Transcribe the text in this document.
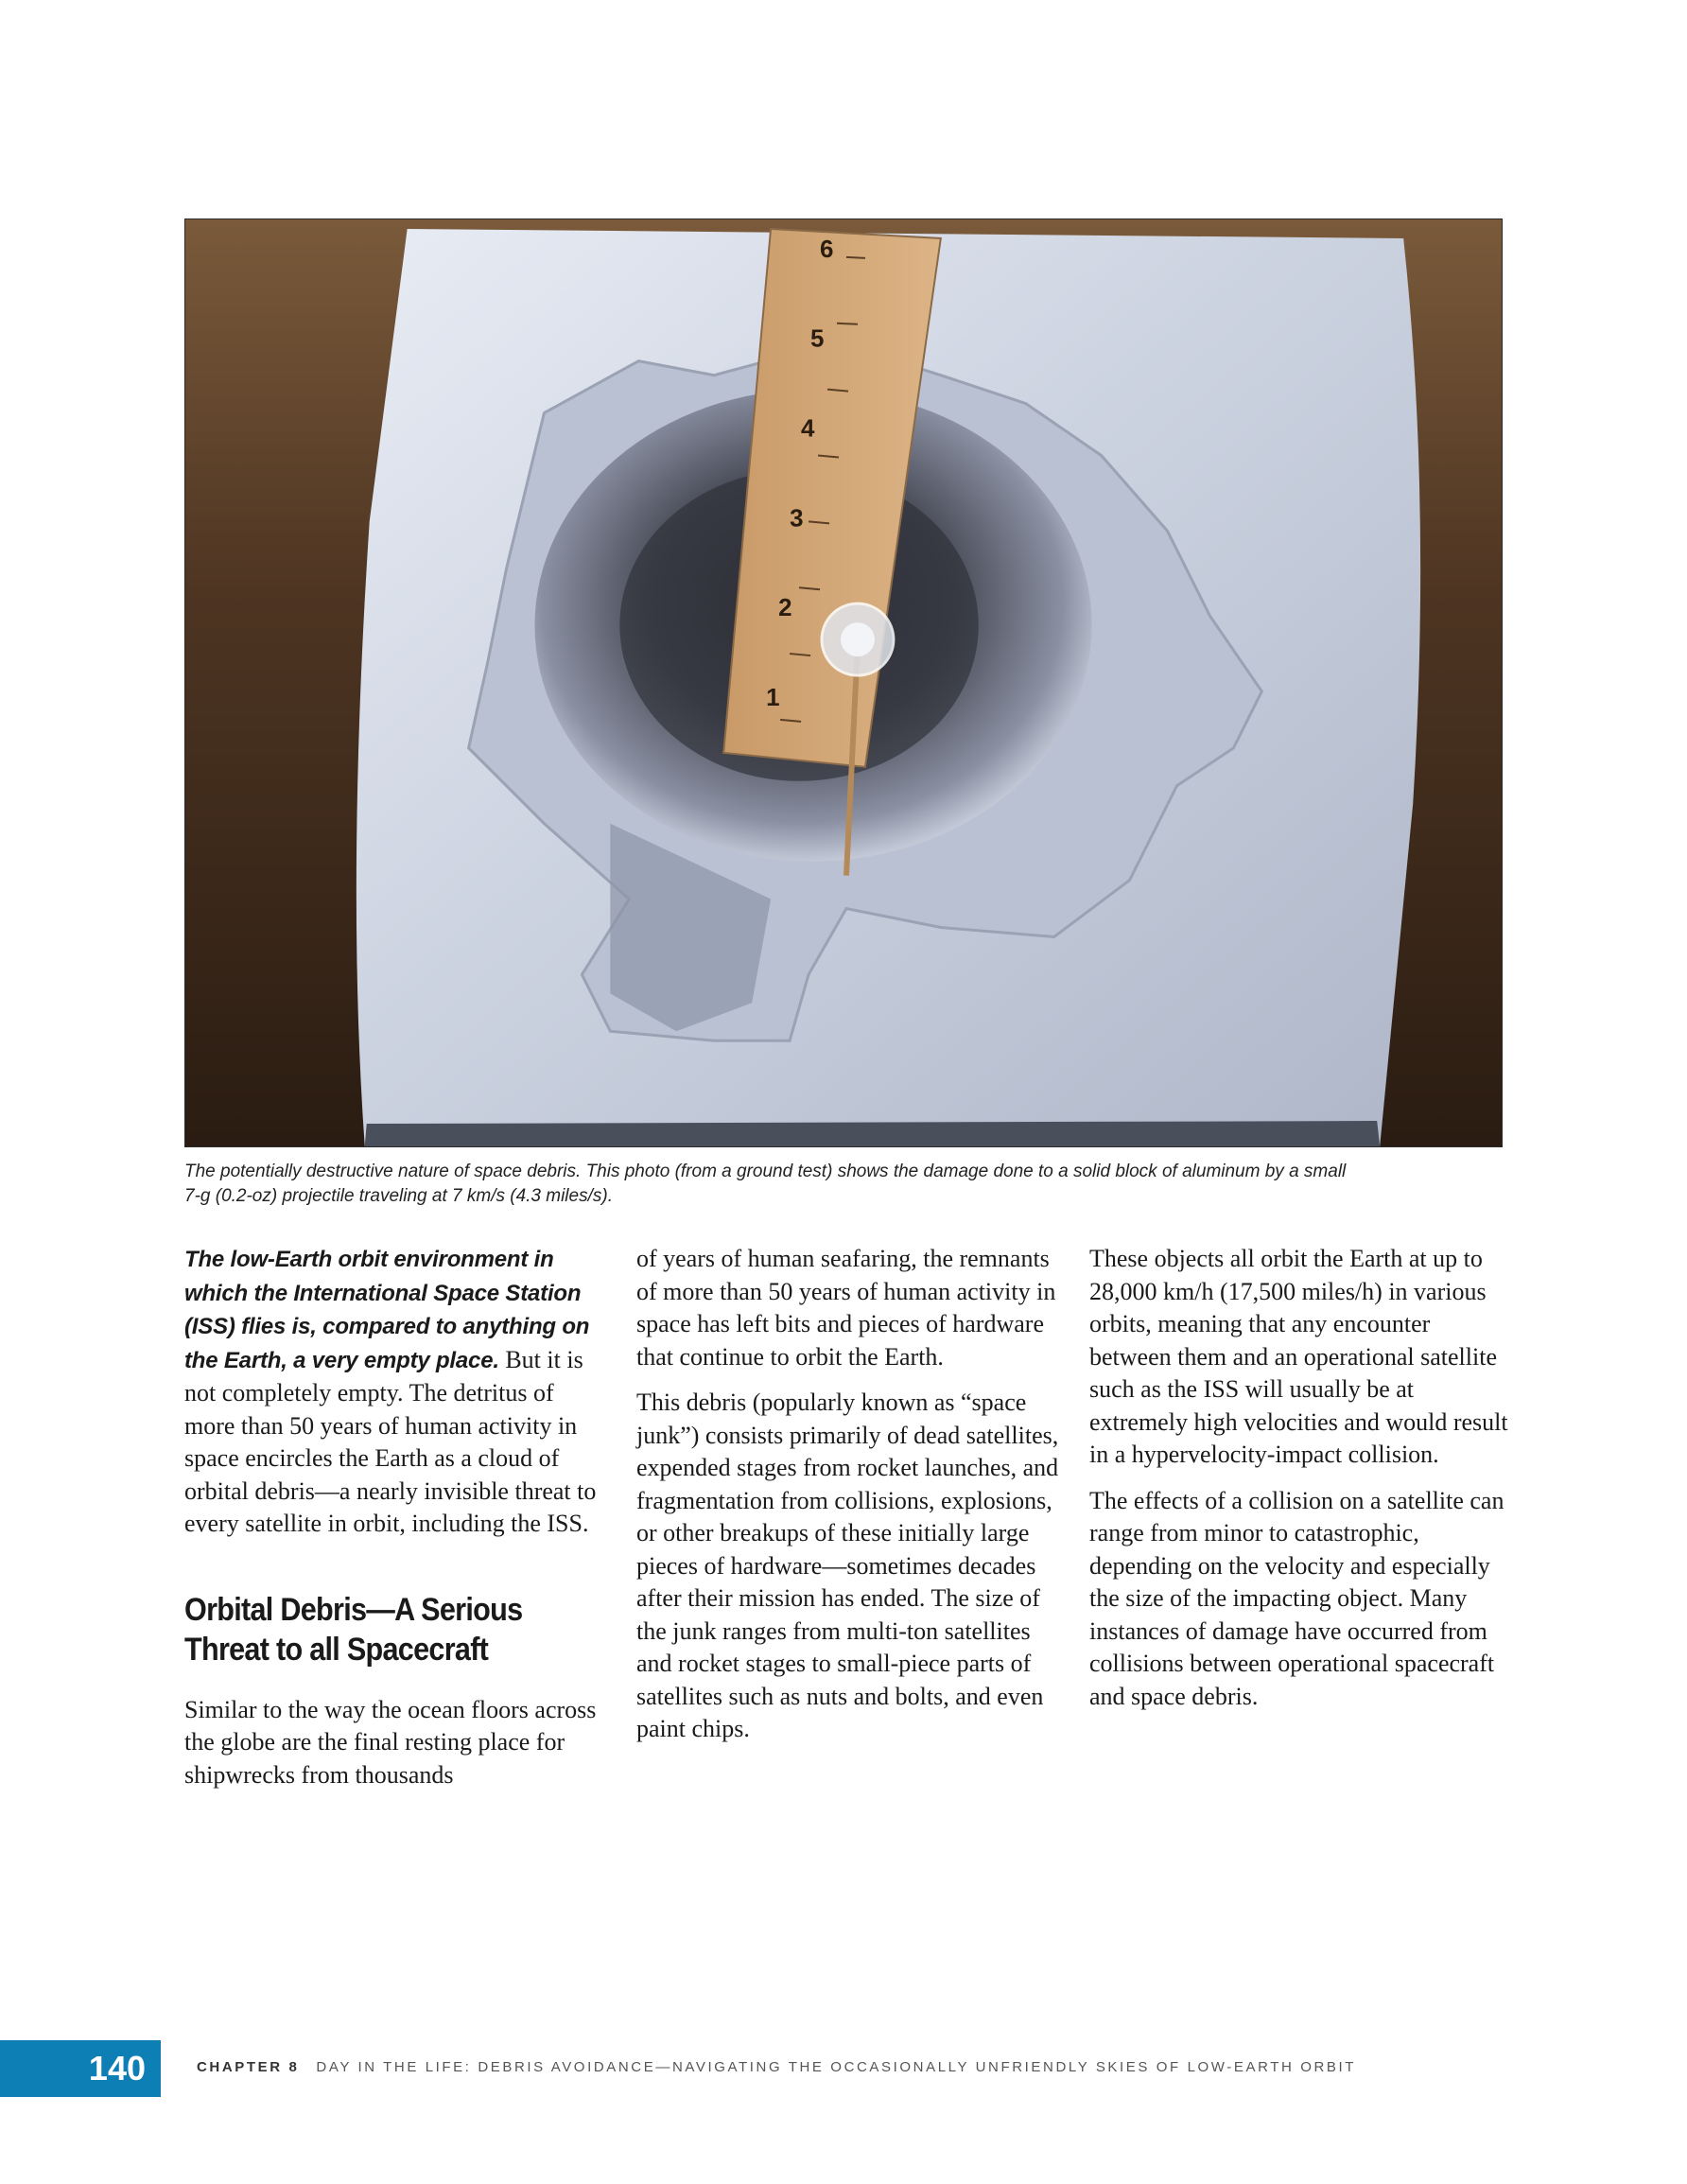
6
5
4
3
2
1
The potentially destructive nature of space debris. This photo (from a ground test) shows the damage done to a solid block of aluminum by a small
7-g (0.2-oz) projectile traveling at 7 km/s (4.3 miles/s).

The low-Earth orbit environment in which the International Space Station (ISS) flies is, compared to anything on the Earth, a very empty place. But it is not completely empty. The detritus of more than 50 years of human activity in space encircles the Earth as a cloud of orbital debris—a nearly invisible threat to every satellite in orbit, including the ISS.

Orbital Debris—A Serious Threat to all Spacecraft

Similar to the way the ocean floors across the globe are the final resting place for shipwrecks from thousands

of years of human seafaring, the remnants of more than 50 years of human activity in space has left bits and pieces of hardware that continue to orbit the Earth.

This debris (popularly known as “space junk”) consists primarily of dead satellites, expended stages from rocket launches, and fragmentation from collisions, explosions, or other breakups of these initially large pieces of hardware—sometimes decades after their mission has ended. The size of the junk ranges from multi-ton satellites and rocket stages to small-piece parts of satellites such as nuts and bolts, and even paint chips.

These objects all orbit the Earth at up to 28,000 km/h (17,500 miles/h) in various orbits, meaning that any encounter between them and an operational satellite such as the ISS will usually be at extremely high velocities and would result in a hypervelocity-impact collision.

The effects of a collision on a satellite can range from minor to catastrophic, depending on the velocity and especially the size of the impacting object. Many instances of damage have occurred from collisions between operational spacecraft and space debris.

140	CHAPTER 8 DAY IN THE LIFE: DEBRIS AVOIDANCE—NAVIGATING THE OCCASIONALLY UNFRIENDLY SKIES OF LOW-EARTH ORBIT
